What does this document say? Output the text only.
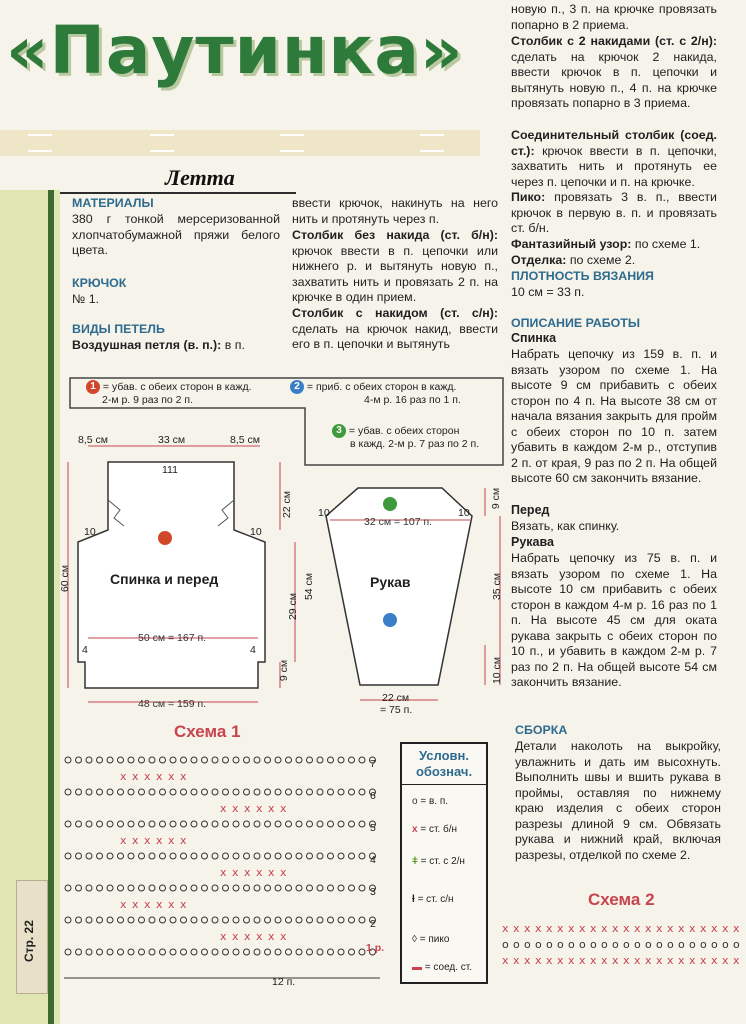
Стр. 22
«Паутинка»
Летта
МАТЕРИАЛЫ
380 г тонкой мерсеризованной хлопчатобумажной пряжи белого цвета.
КРЮЧОК
№ 1.
ВИДЫ ПЕТЕЛЬ
Воздушная петля (в. п.): в п.
ввести крючок, накинуть на него нить и протянуть через п.
Столбик без накида (ст. б/н): крючок ввести в п. цепочки или нижнего р. и вытянуть новую п., захватить нить и провязать 2 п. на крючке в один прием.
Столбик с накидом (ст. с/н): сделать на крючок накид, ввести его в п. цепочки и вытянуть
новую п., 3 п. на крючке провязать попарно в 2 приема.
Столбик с 2 накидами (ст. с 2/н): сделать на крючок 2 накида, ввести крючок в п. цепочки и вытянуть новую п., 4 п. на крючке провязать попарно в 3 приема.
Соединительный столбик (соед. ст.): крючок ввести в п. цепочки, захватить нить и протянуть ее через п. цепочки и п. на крючке.
Пико: провязать 3 в. п., ввести крючок в первую в. п. и провязать ст. б/н.
Фантазийный узор: по схеме 1.
Отделка: по схеме 2.
ПЛОТНОСТЬ ВЯЗАНИЯ
10 см = 33 п.
ОПИСАНИЕ РАБОТЫ
Спинка
Набрать цепочку из 159 в. п. и вязать узором по схеме 1. На высоте 9 см прибавить с обеих сторон по 4 п. На высоте 38 см от начала вязания закрыть для пройм с обеих сторон по 10 п. затем убавить в каждом 2-м р., отступив 2 п. от края, 9 раз по 2 п. На общей высоте 60 см закончить вязание.
Перед
Вязать, как спинку.
Рукава
Набрать цепочку из 75 в. п. и вязать узором по схеме 1. На высоте 10 см прибавить с обеих сторон в каждом 4-м р. 16 раз по 1 п. На высоте 45 см для оката рукава закрыть с обеих сторон по 10 п., и убавить в каждом 2-м р. 7 раз по 2 п. На общей высоте 54 см закончить вязание.
СБОРКА
Детали наколоть на выкройку, увлажнить и дать им высохнуть. Выполнить швы и вшить рукава в проймы, оставляя по нижнему краю изделия с обеих сторон разрезы длиной 9 см. Обвязать рукава и нижний край, включая разрезы, отделкой по схеме 2.
1 = убав. с обеих сторон в кажд.
2-м р. 9 раз по 2 п.
2 = приб. с обеих сторон в кажд.
4-м р. 16 раз по 1 п.
3 = убав. с обеих сторон
в кажд. 2-м р. 7 раз по 2 п.
8,5 см	33 см	8,5 см
111
10	10
4	4
Спинка и перед
50 см = 167 п.
48 см = 159 п.
60 см
22 см
29 см
9 см
10	10
32 см = 107 п.
Рукав
22 см
= 75 п.
9 см
54 см	35 см
10 см
Схема 1
x x x x x x
x x x x x x
x x x x x x
x x x x x x
x x x x x x
x x x x x x
7
6
5
4
3
2
1 р.
12 п.
Условн. обознач.
o = в. п.
x = ст. б/н
ǂ = ст. с 2/н
ƚ = ст. с/н
◊ = пико
▬ = соед. ст.
Схема 2
x x x x x x x x x x x x x x x x x x x x x x
o o o o o o o o o o o o o o o o o o o o o o
x x x x x x x x x x x x x x x x x x x x x x
